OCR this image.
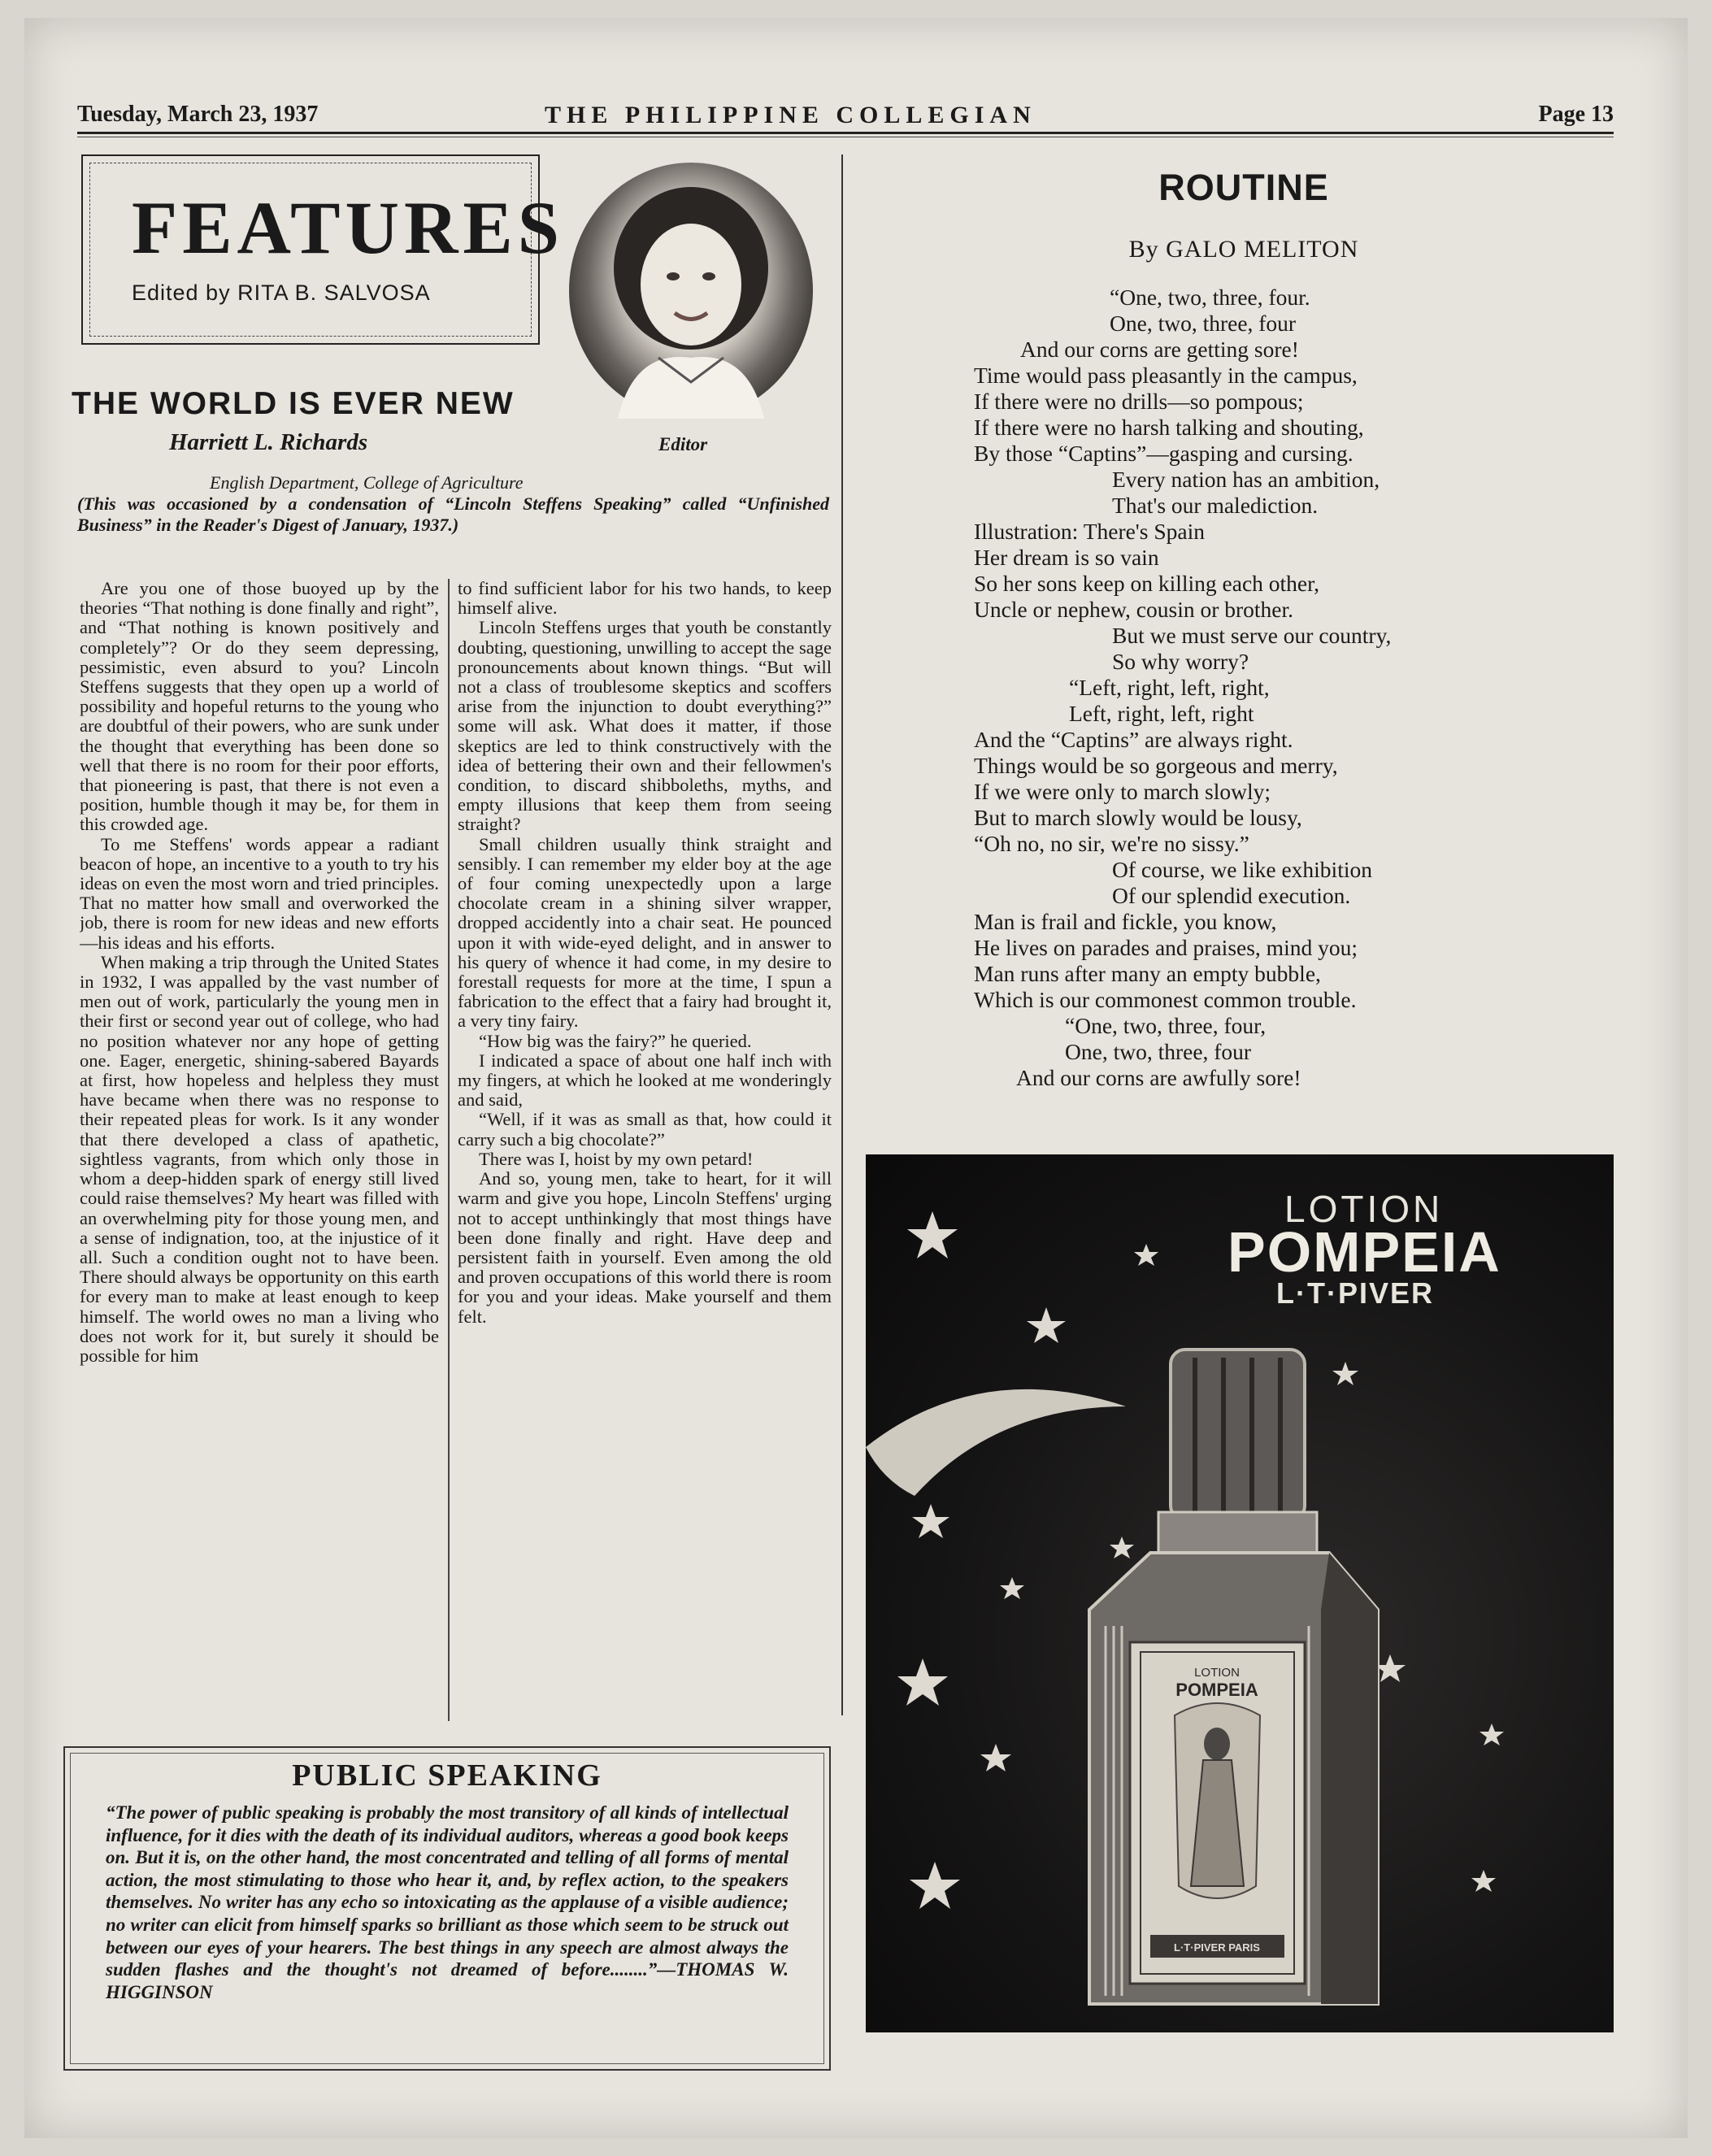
Tuesday, March 23, 1937	THE PHILIPPINE COLLEGIAN	Page 13
FEATURES
Edited by RITA B. SALVOSA
Editor
THE WORLD IS EVER NEW
Harriett L. Richards
English Department, College of Agriculture
(This was occasioned by a condensation of “Lincoln Steffens Speaking” called “Unfinished Business” in the Reader's Digest of January, 1937.)

Are you one of those buoyed up by the theories “That nothing is done finally and right”, and “That nothing is known positively and completely”? Or do they seem depressing, pessimistic, even absurd to you? Lincoln Steffens suggests that they open up a world of possibility and hopeful returns to the young who are doubtful of their powers, who are sunk under the thought that everything has been done so well that there is no room for their poor efforts, that pioneering is past, that there is not even a position, humble though it may be, for them in this crowded age.

To me Steffens' words appear a radiant beacon of hope, an incentive to a youth to try his ideas on even the most worn and tried principles. That no matter how small and overworked the job, there is room for new ideas and new efforts—his ideas and his efforts.

When making a trip through the United States in 1932, I was appalled by the vast number of men out of work, particularly the young men in their first or second year out of college, who had no position whatever nor any hope of getting one. Eager, energetic, shining-sabered Bayards at first, how hopeless and helpless they must have became when there was no response to their repeated pleas for work. Is it any wonder that there developed a class of apathetic, sightless vagrants, from which only those in whom a deep-hidden spark of energy still lived could raise themselves? My heart was filled with an overwhelming pity for those young men, and a sense of indignation, too, at the injustice of it all. Such a condition ought not to have been. There should always be opportunity on this earth for every man to make at least enough to keep himself. The world owes no man a living who does not work for it, but surely it should be possible for him

to find sufficient labor for his two hands, to keep himself alive.

Lincoln Steffens urges that youth be constantly doubting, questioning, unwilling to accept the sage pronouncements about known things. “But will not a class of troublesome skeptics and scoffers arise from the injunction to doubt everything?” some will ask. What does it matter, if those skeptics are led to think constructively with the idea of bettering their own and their fellowmen's condition, to discard shibboleths, myths, and empty illusions that keep them from seeing straight?

Small children usually think straight and sensibly. I can remember my elder boy at the age of four coming unexpectedly upon a large chocolate cream in a shining silver wrapper, dropped accidently into a chair seat. He pounced upon it with wide-eyed delight, and in answer to his query of whence it had come, in my desire to forestall requests for more at the time, I spun a fabrication to the effect that a fairy had brought it, a very tiny fairy.

“How big was the fairy?” he queried.

I indicated a space of about one half inch with my fingers, at which he looked at me wonderingly and said,

“Well, if it was as small as that, how could it carry such a big chocolate?”

There was I, hoist by my own petard!

And so, young men, take to heart, for it will warm and give you hope, Lincoln Steffens' urging not to accept unthinkingly that most things have been done finally and right. Have deep and persistent faith in yourself. Even among the old and proven occupations of this world there is room for you and your ideas. Make yourself and them felt.

PUBLIC SPEAKING
“The power of public speaking is probably the most transitory of all kinds of intellectual influence, for it dies with the death of its individual auditors, whereas a good book keeps on. But it is, on the other hand, the most concentrated and telling of all forms of mental action, the most stimulating to those who hear it, and, by reflex action, to the speakers themselves. No writer has any echo so intoxicating as the applause of a visible audience; no writer can elicit from himself sparks so brilliant as those which seem to be struck out between our eyes of your hearers. The best things in any speech are almost always the sudden flashes and the thought's not dreamed of before........”—THOMAS W. HIGGINSON
ROUTINE
By GALO MELITON
“One, two, three, four.
One, two, three, four
And our corns are getting sore!
Time would pass pleasantly in the campus,
If there were no drills—so pompous;
If there were no harsh talking and shouting,
By those “Captins”—gasping and cursing.
Every nation has an ambition,
That's our malediction.
Illustration: There's Spain
Her dream is so vain
So her sons keep on killing each other,
Uncle or nephew, cousin or brother.
But we must serve our country,
So why worry?
“Left, right, left, right,
Left, right, left, right
And the “Captins” are always right.
Things would be so gorgeous and merry,
If we were only to march slowly;
But to march slowly would be lousy,
“Oh no, no sir, we're no sissy.”
Of course, we like exhibition
Of our splendid execution.
Man is frail and fickle, you know,
He lives on parades and praises, mind you;
Man runs after many an empty bubble,
Which is our commonest common trouble.
“One, two, three, four,
One, two, three, four
And our corns are awfully sore!
LOTION
POMPEIA
L·T·PIVER PARIS
LOTION
POMPEIA
L·T·PIVER
